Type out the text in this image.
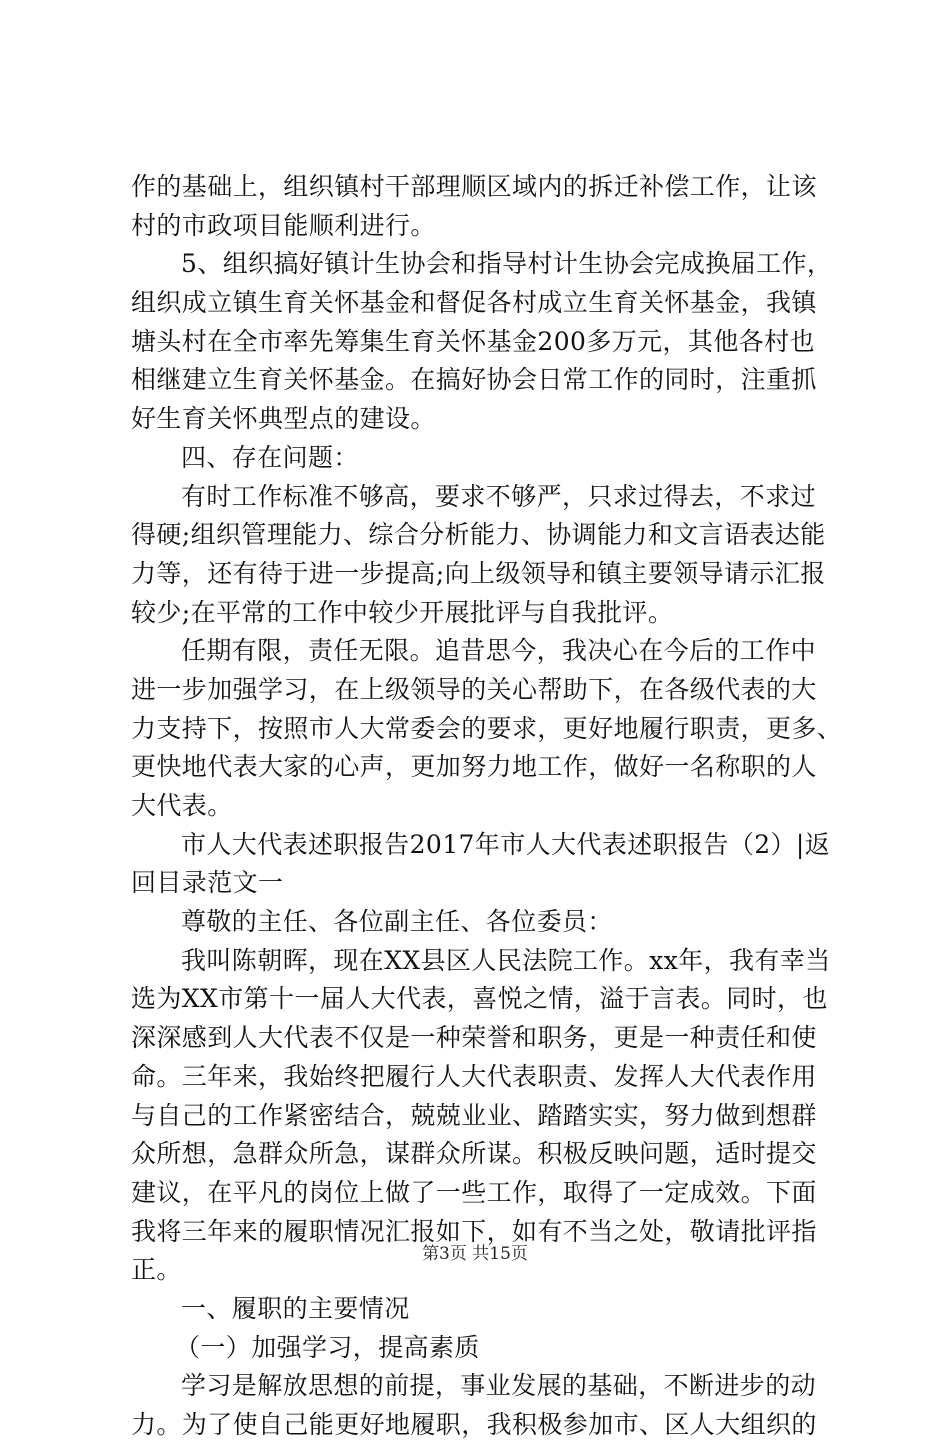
作的基础上，组织镇村干部理顺区域内的拆迁补偿工作，让该
村的市政项目能顺利进行。
5、组织搞好镇计生协会和指导村计生协会完成换届工作，
组织成立镇生育关怀基金和督促各村成立生育关怀基金，我镇
塘头村在全市率先筹集生育关怀基金200多万元，其他各村也
相继建立生育关怀基金。在搞好协会日常工作的同时，注重抓
好生育关怀典型点的建设。
四、存在问题：
有时工作标准不够高，要求不够严，只求过得去，不求过
得硬;组织管理能力、综合分析能力、协调能力和文言语表达能
力等，还有待于进一步提高;向上级领导和镇主要领导请示汇报
较少;在平常的工作中较少开展批评与自我批评。
任期有限，责任无限。追昔思今，我决心在今后的工作中
进一步加强学习，在上级领导的关心帮助下，在各级代表的大
力支持下，按照市人大常委会的要求，更好地履行职责，更多、
更快地代表大家的心声，更加努力地工作，做好一名称职的人
大代表。
市人大代表述职报告2017年市人大代表述职报告（2）|返
回目录范文一
尊敬的主任、各位副主任、各位委员：
我叫陈朝晖，现在XX县区人民法院工作。xx年，我有幸当
选为XX市第十一届人大代表，喜悦之情，溢于言表。同时，也
深深感到人大代表不仅是一种荣誉和职务，更是一种责任和使
命。三年来，我始终把履行人大代表职责、发挥人大代表作用
与自己的工作紧密结合，兢兢业业、踏踏实实，努力做到想群
众所想，急群众所急，谋群众所谋。积极反映问题，适时提交
建议，在平凡的岗位上做了一些工作，取得了一定成效。下面
我将三年来的履职情况汇报如下，如有不当之处，敬请批评指
正。
一、履职的主要情况
（一）加强学习，提高素质
学习是解放思想的前提，事业发展的基础，不断进步的动
力。为了使自己能更好地履职，我积极参加市、区人大组织的
第3页 共15页
